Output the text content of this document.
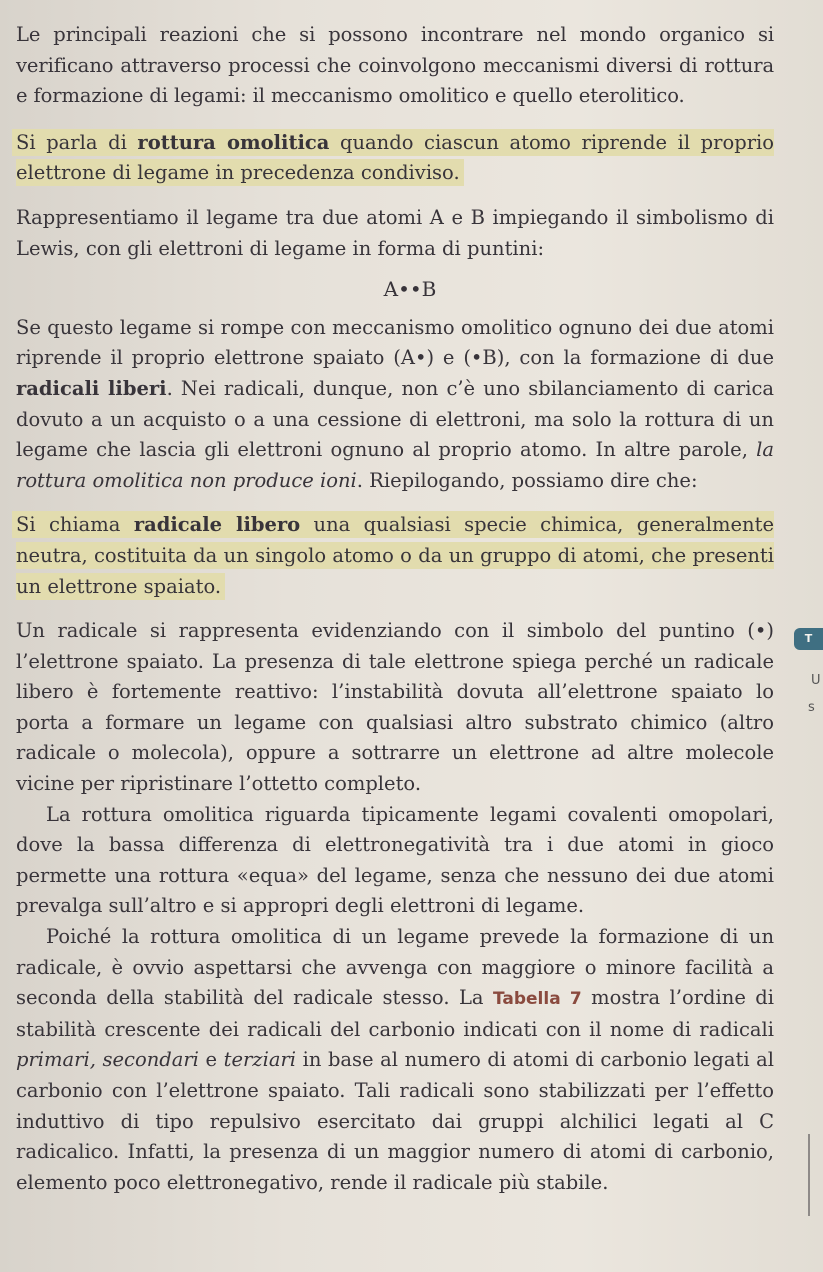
Le principali reazioni che si possono incontrare nel mondo organico si verificano attraverso processi che coinvolgono meccanismi diversi di rottura e formazione di legami: il meccanismo omolitico e quello eterolitico.

Si parla di rottura omolitica quando ciascun atomo riprende il proprio elettrone di legame in precedenza condiviso.

Rappresentiamo il legame tra due atomi A e B impiegando il simbolismo di Lewis, con gli elettroni di legame in forma di puntini:

A••B

Se questo legame si rompe con meccanismo omolitico ognuno dei due atomi riprende il proprio elettrone spaiato (A•) e (•B), con la formazione di due radicali liberi. Nei radicali, dunque, non c’è uno sbilanciamento di carica dovuto a un acquisto o a una cessione di elettroni, ma solo la rottura di un legame che lascia gli elettroni ognuno al proprio atomo. In altre parole, la rottura omolitica non produce ioni. Riepilogando, possiamo dire che:

Si chiama radicale libero una qualsiasi specie chimica, generalmente neutra, costituita da un singolo atomo o da un gruppo di atomi, che presenti un elettrone spaiato.

Un radicale si rappresenta evidenziando con il simbolo del puntino (•) l’elettrone spaiato. La presenza di tale elettrone spiega perché un radicale libero è fortemente reattivo: l’instabilità dovuta all’elettrone spaiato lo porta a formare un legame con qualsiasi altro substrato chimico (altro radicale o molecola), oppure a sottrarre un elettrone ad altre molecole vicine per ripristinare l’ottetto completo.

La rottura omolitica riguarda tipicamente legami covalenti omopolari, dove la bassa differenza di elettronegatività tra i due atomi in gioco permette una rottura «equa» del legame, senza che nessuno dei due atomi prevalga sull’altro e si appropri degli elettroni di legame.

Poiché la rottura omolitica di un legame prevede la formazione di un radicale, è ovvio aspettarsi che avvenga con maggiore o minore facilità a seconda della stabilità del radicale stesso. La Tabella 7 mostra l’ordine di stabilità crescente dei radicali del carbonio indicati con il nome di radicali primari, secondari e terziari in base al numero di atomi di carbonio legati al carbonio con l’elettrone spaiato. Tali radicali sono stabilizzati per l’effetto induttivo di tipo repulsivo esercitato dai gruppi alchilici legati al C radicalico. Infatti, la presenza di un maggior numero di atomi di carbonio, elemento poco elettronegativo, rende il radicale più stabile.

T
U
s
